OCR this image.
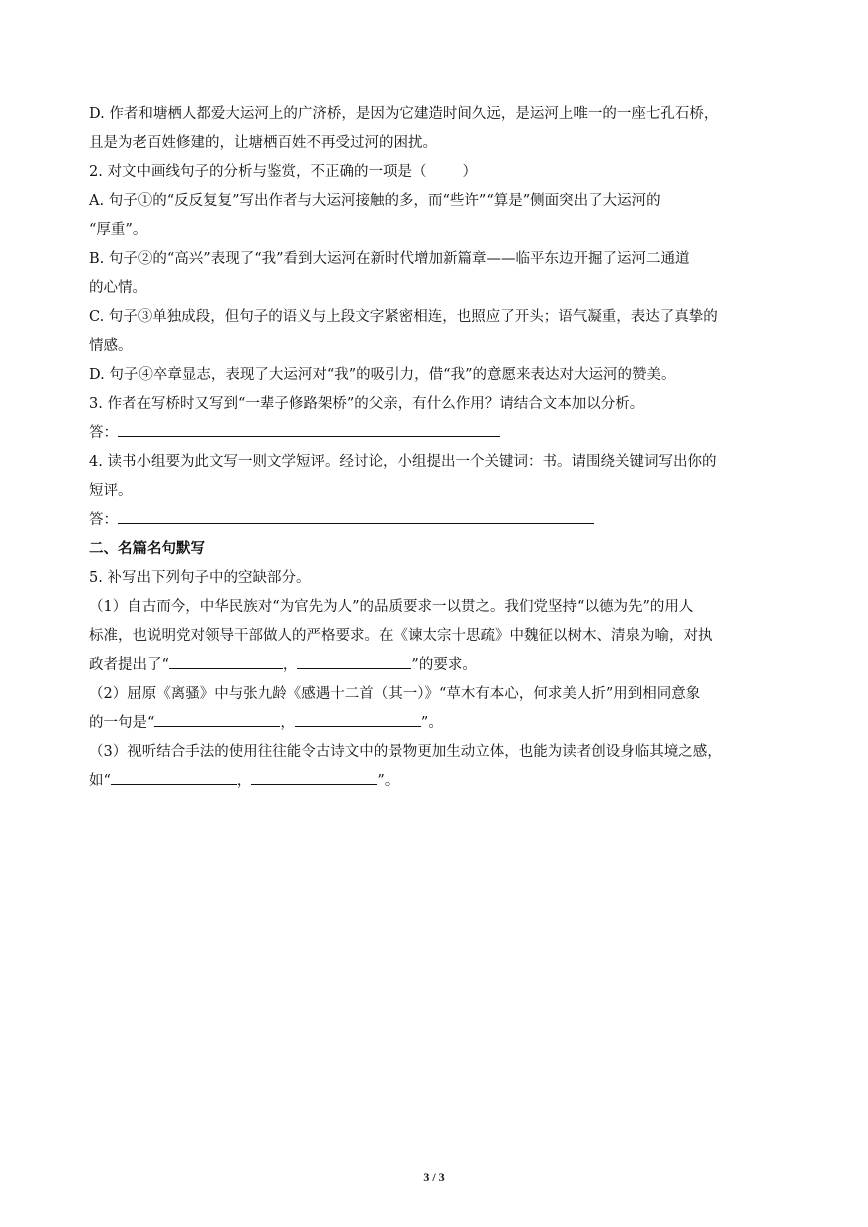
D. 作者和塘栖人都爱大运河上的广济桥，是因为它建造时间久远，是运河上唯一的一座七孔石桥，
且是为老百姓修建的，让塘栖百姓不再受过河的困扰。
2. 对文中画线句子的分析与鉴赏，不正确的一项是（ ）
A. 句子①的“反反复复”写出作者与大运河接触的多，而“些许”“算是”侧面突出了大运河的
“厚重”。
B. 句子②的“高兴”表现了“我”看到大运河在新时代增加新篇章——临平东边开掘了运河二通道
的心情。
C. 句子③单独成段，但句子的语义与上段文字紧密相连，也照应了开头；语气凝重，表达了真挚的
情感。
D. 句子④卒章显志，表现了大运河对“我”的吸引力，借“我”的意愿来表达对大运河的赞美。
3. 作者在写桥时又写到“一辈子修路架桥”的父亲，有什么作用？请结合文本加以分析。
答：
4. 读书小组要为此文写一则文学短评。经讨论，小组提出一个关键词：书。请围绕关键词写出你的
短评。
答：
二、名篇名句默写
5. 补写出下列句子中的空缺部分。
（1）自古而今，中华民族对“为官先为人”的品质要求一以贯之。我们党坚持“以德为先”的用人
标准，也说明党对领导干部做人的严格要求。在《谏太宗十思疏》中魏征以树木、清泉为喻，对执
政者提出了“	，	”的要求。
（2）屈原《离骚》中与张九龄《感遇十二首（其一）》“草木有本心，何求美人折”用到相同意象
的一句是“	，	”。
（3）视听结合手法的使用往往能令古诗文中的景物更加生动立体，也能为读者创设身临其境之感，
如“	，	”。
3 / 3
